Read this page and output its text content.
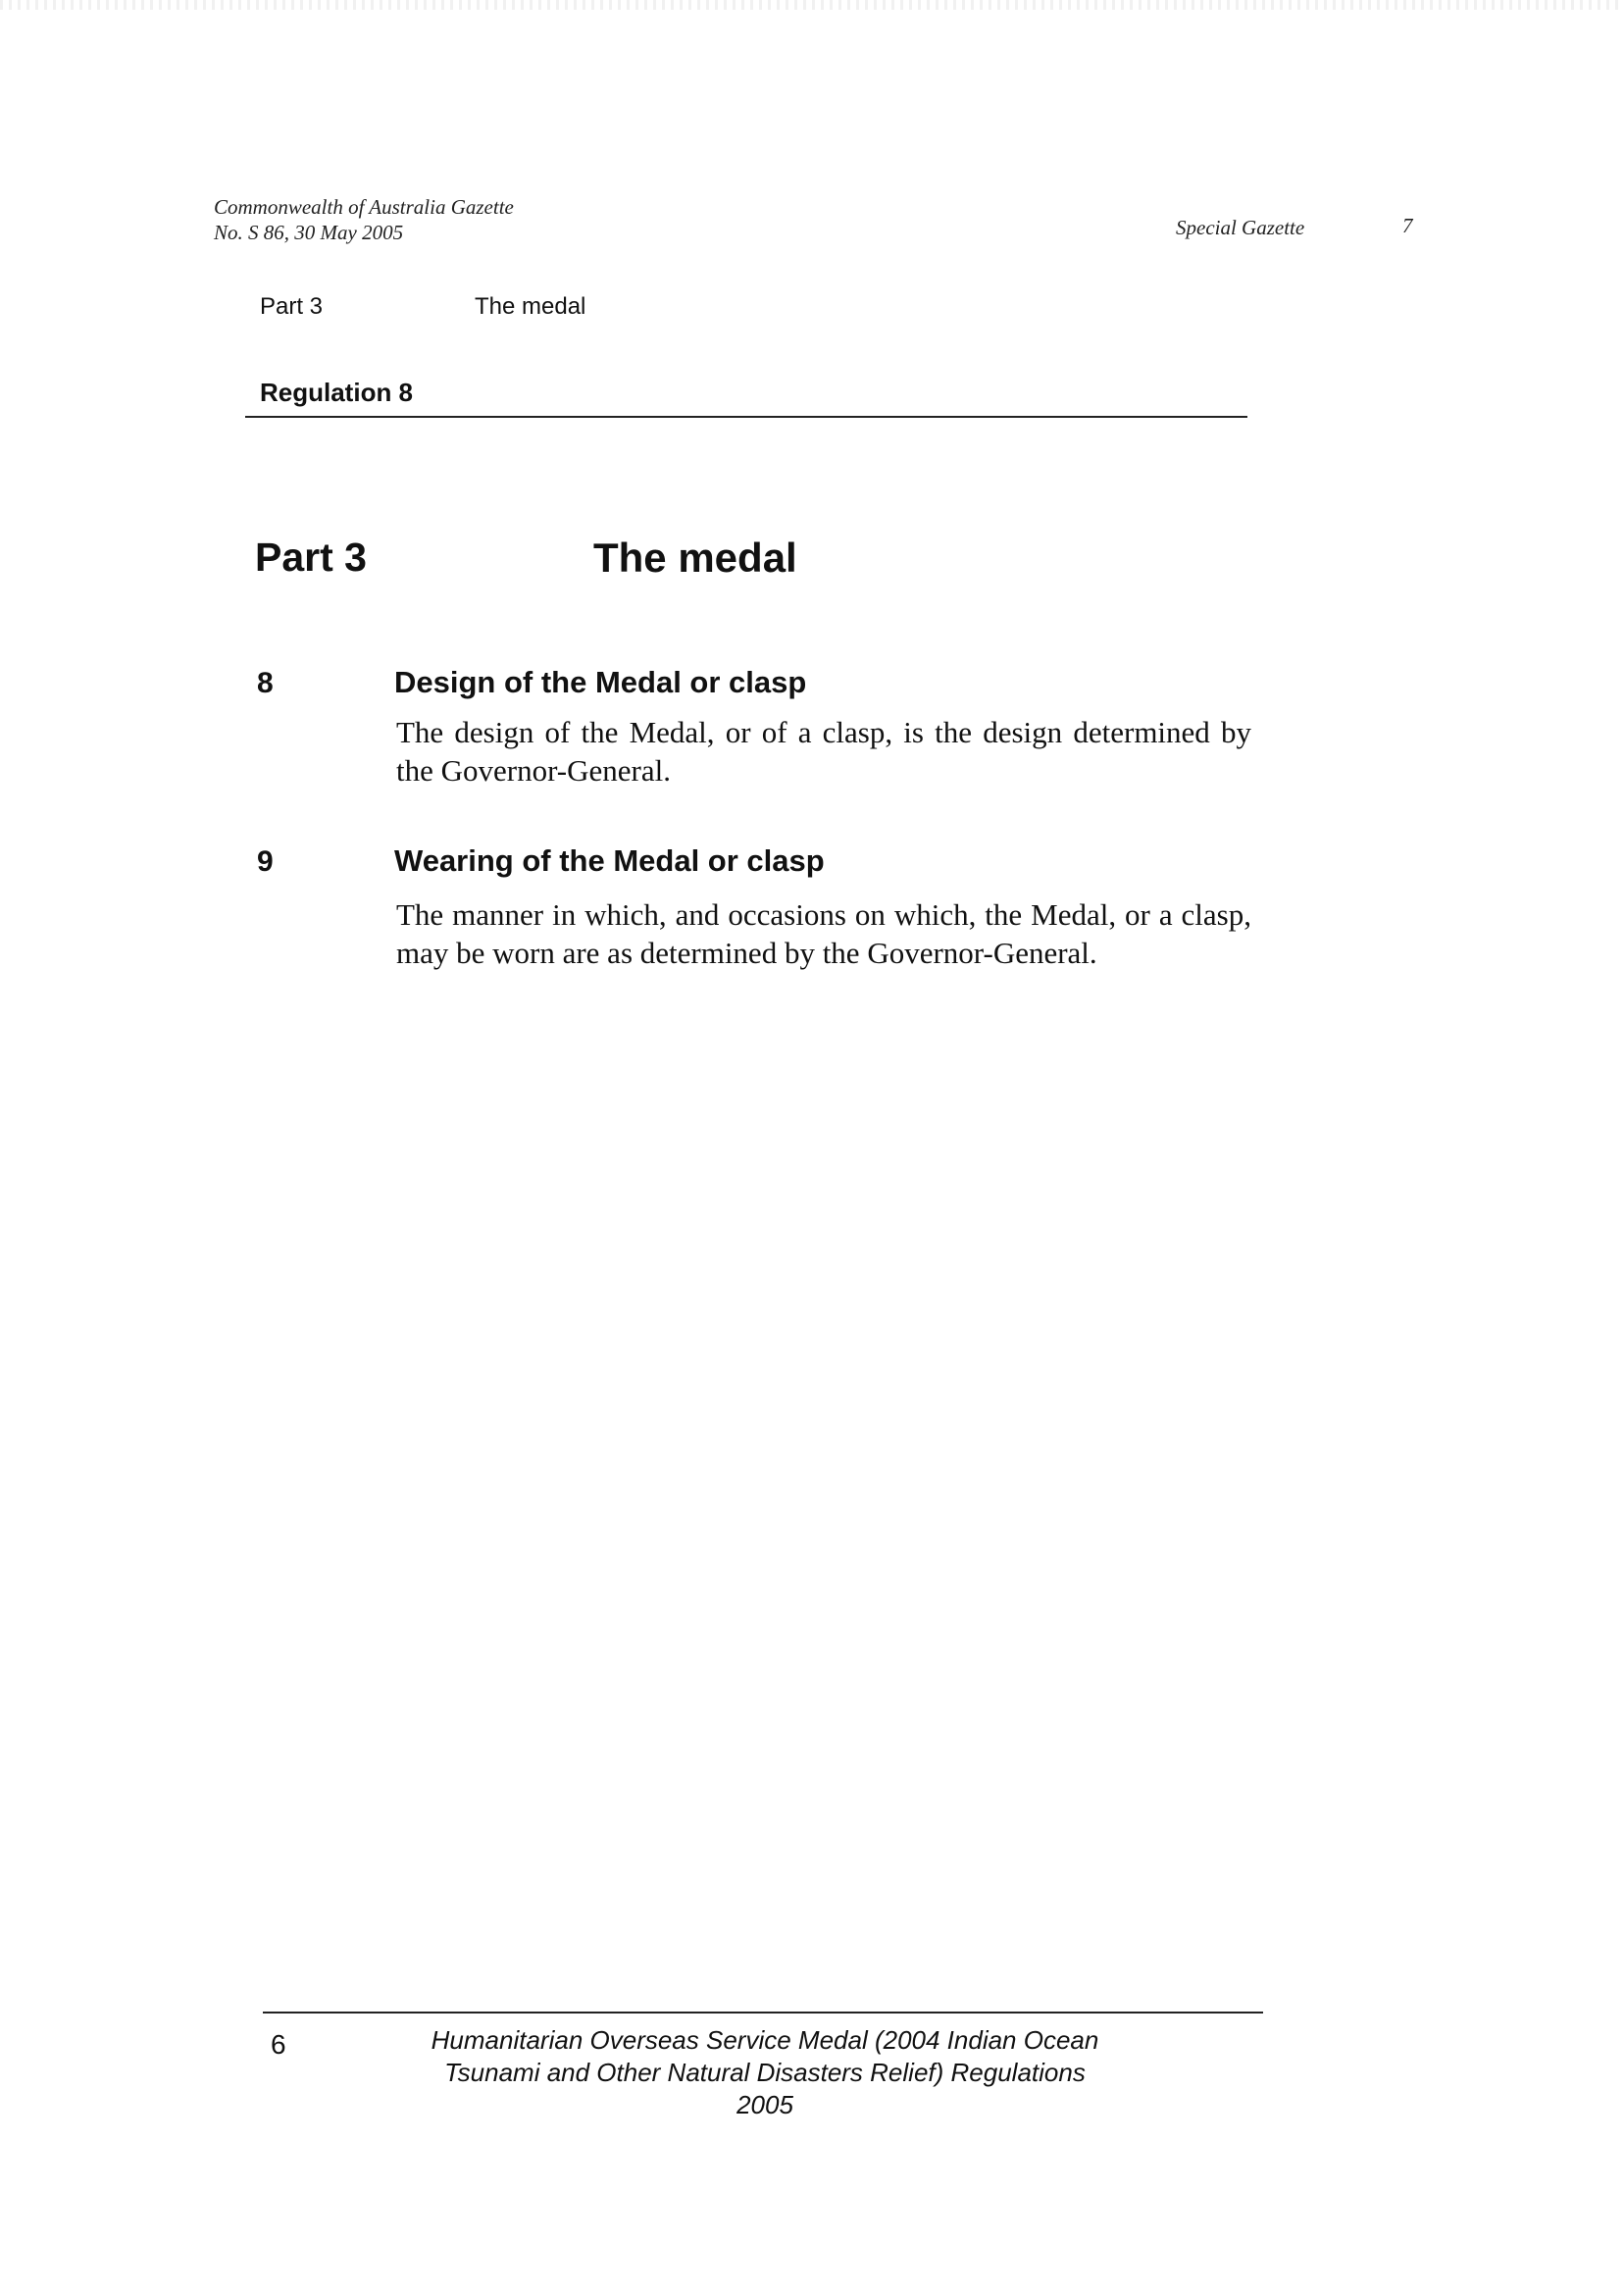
Commonwealth of Australia Gazette
No. S 86, 30 May 2005	Special Gazette	7
Part 3	The medal
Regulation 8
Part 3	The medal
8	Design of the Medal or clasp
The design of the Medal, or of a clasp, is the design determined by the Governor-General.
9	Wearing of the Medal or clasp
The manner in which, and occasions on which, the Medal, or a clasp, may be worn are as determined by the Governor-General.
6	Humanitarian Overseas Service Medal (2004 Indian Ocean
Tsunami and Other Natural Disasters Relief) Regulations
2005
